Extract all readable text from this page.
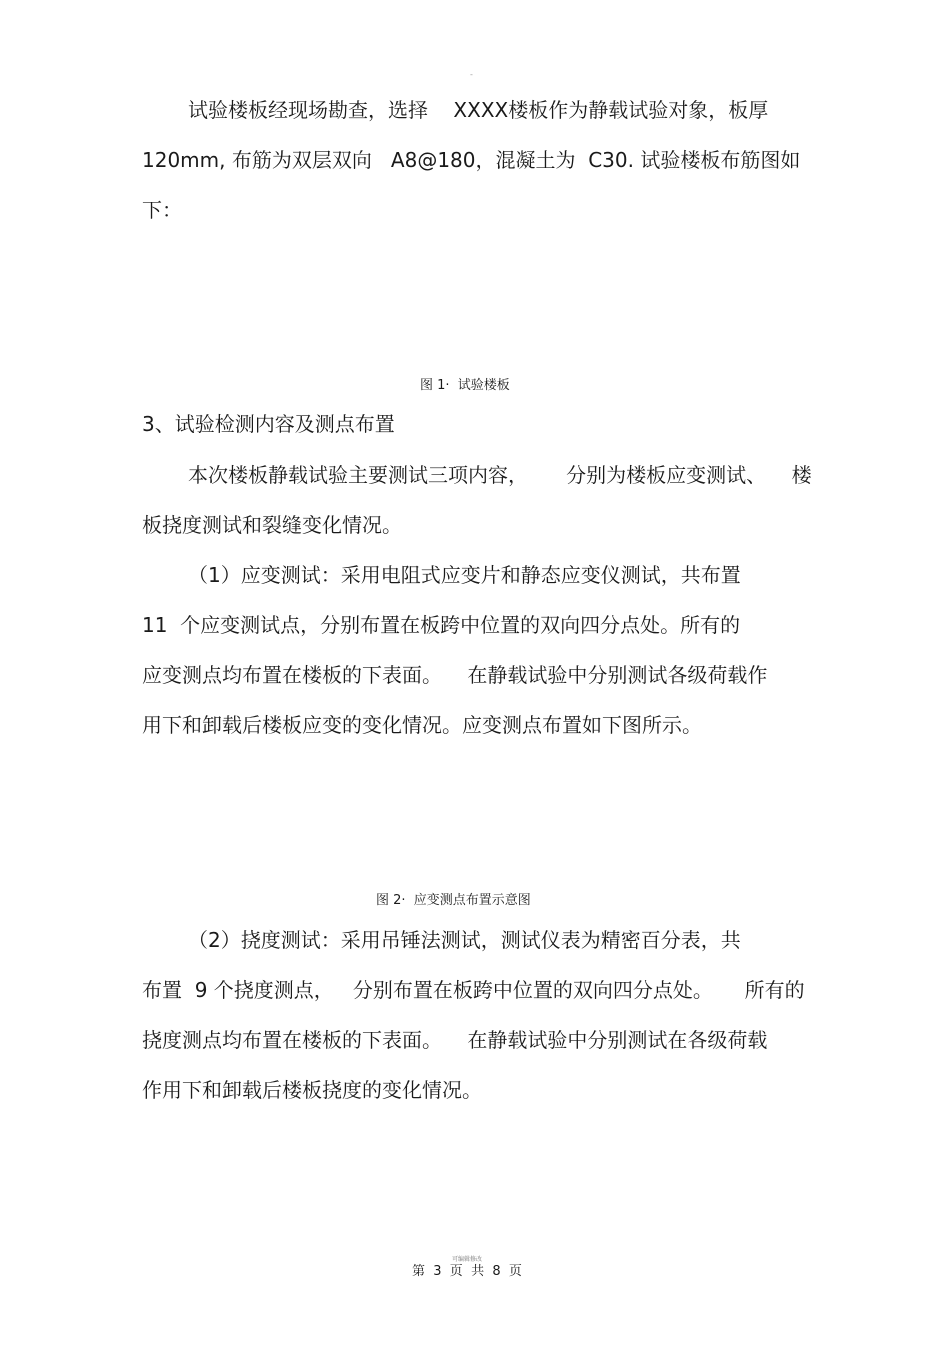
-
试验楼板经现场勘查，选择    XXXX楼板作为静载试验对象，板厚
120mm, 布筋为双层双向   A8@180，混凝土为  C30. 试验楼板布筋图如
下：
图 1·  试验楼板
3、试验检测内容及测点布置
本次楼板静载试验主要测试三项内容，      分别为楼板应变测试、    楼
板挠度测试和裂缝变化情况。
（1）应变测试：采用电阻式应变片和静态应变仪测试，共布置
11  个应变测试点，分别布置在板跨中位置的双向四分点处。所有的
应变测点均布置在楼板的下表面。    在静载试验中分别测试各级荷载作
用下和卸载后楼板应变的变化情况。应变测点布置如下图所示。
图 2·  应变测点布置示意图
（2）挠度测试：采用吊锤法测试，测试仪表为精密百分表，共
布置  9 个挠度测点，   分别布置在板跨中位置的双向四分点处。     所有的
挠度测点均布置在楼板的下表面。    在静载试验中分别测试在各级荷载
作用下和卸载后楼板挠度的变化情况。
可编辑修改
第  3  页  共  8  页
